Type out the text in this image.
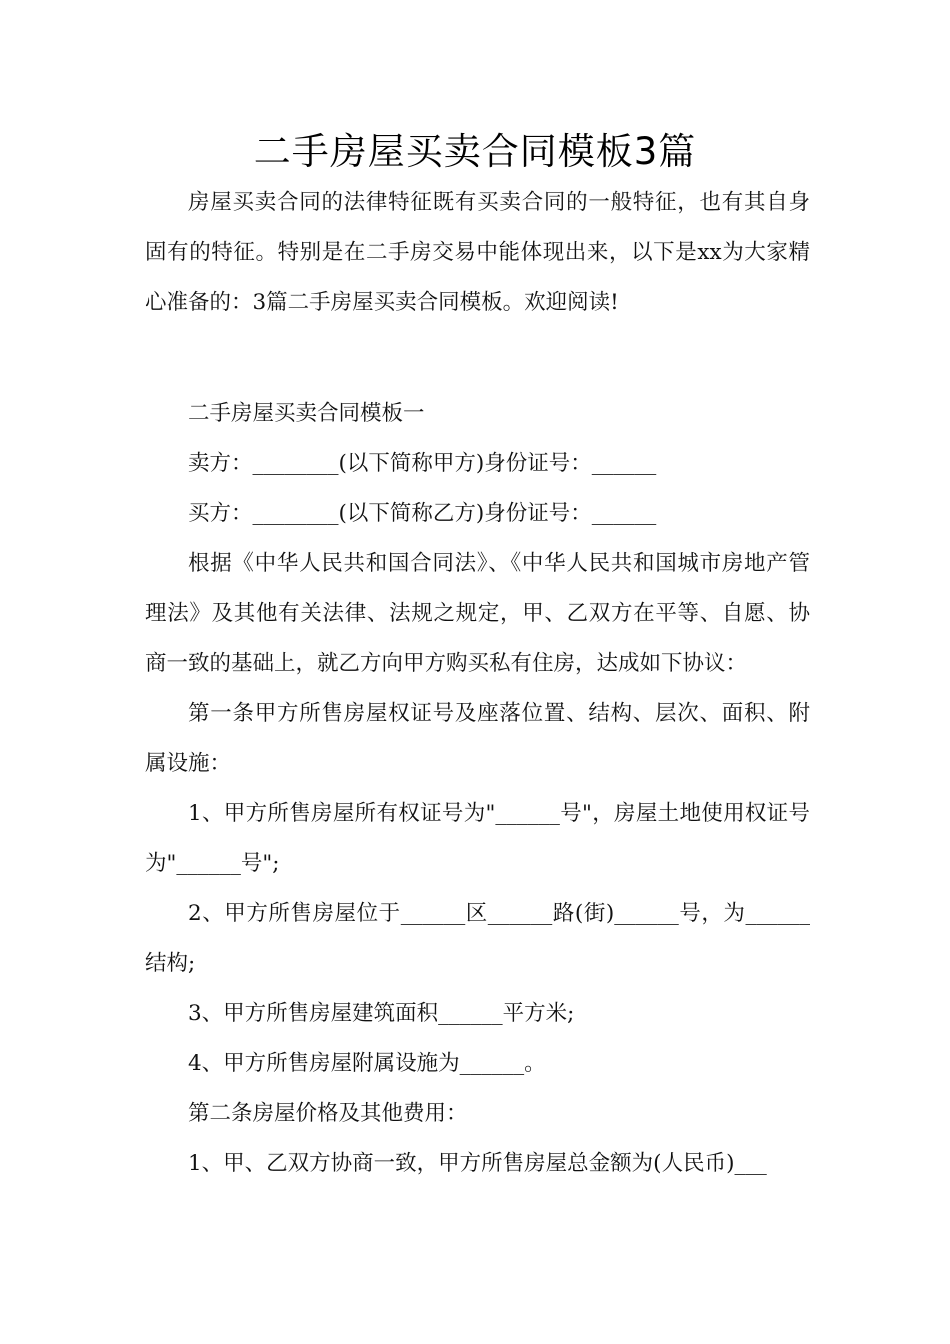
二手房屋买卖合同模板3篇

房屋买卖合同的法律特征既有买卖合同的一般特征，也有其自身固有的特征。特别是在二手房交易中能体现出来，以下是xx为大家精心准备的：3篇二手房屋买卖合同模板。欢迎阅读!

二手房屋买卖合同模板一

卖方：________(以下简称甲方)身份证号：______

买方：________(以下简称乙方)身份证号：______

根据《中华人民共和国合同法》、《中华人民共和国城市房地产管理法》及其他有关法律、法规之规定，甲、乙双方在平等、自愿、协商一致的基础上，就乙方向甲方购买私有住房，达成如下协议：

第一条甲方所售房屋权证号及座落位置、结构、层次、面积、附属设施：

1、甲方所售房屋所有权证号为"______号"，房屋土地使用权证号为"______号";

2、甲方所售房屋位于______区______路(街)______号，为______结构;

3、甲方所售房屋建筑面积______平方米;

4、甲方所售房屋附属设施为______。

第二条房屋价格及其他费用：

1、甲、乙双方协商一致，甲方所售房屋总金额为(人民币)___
